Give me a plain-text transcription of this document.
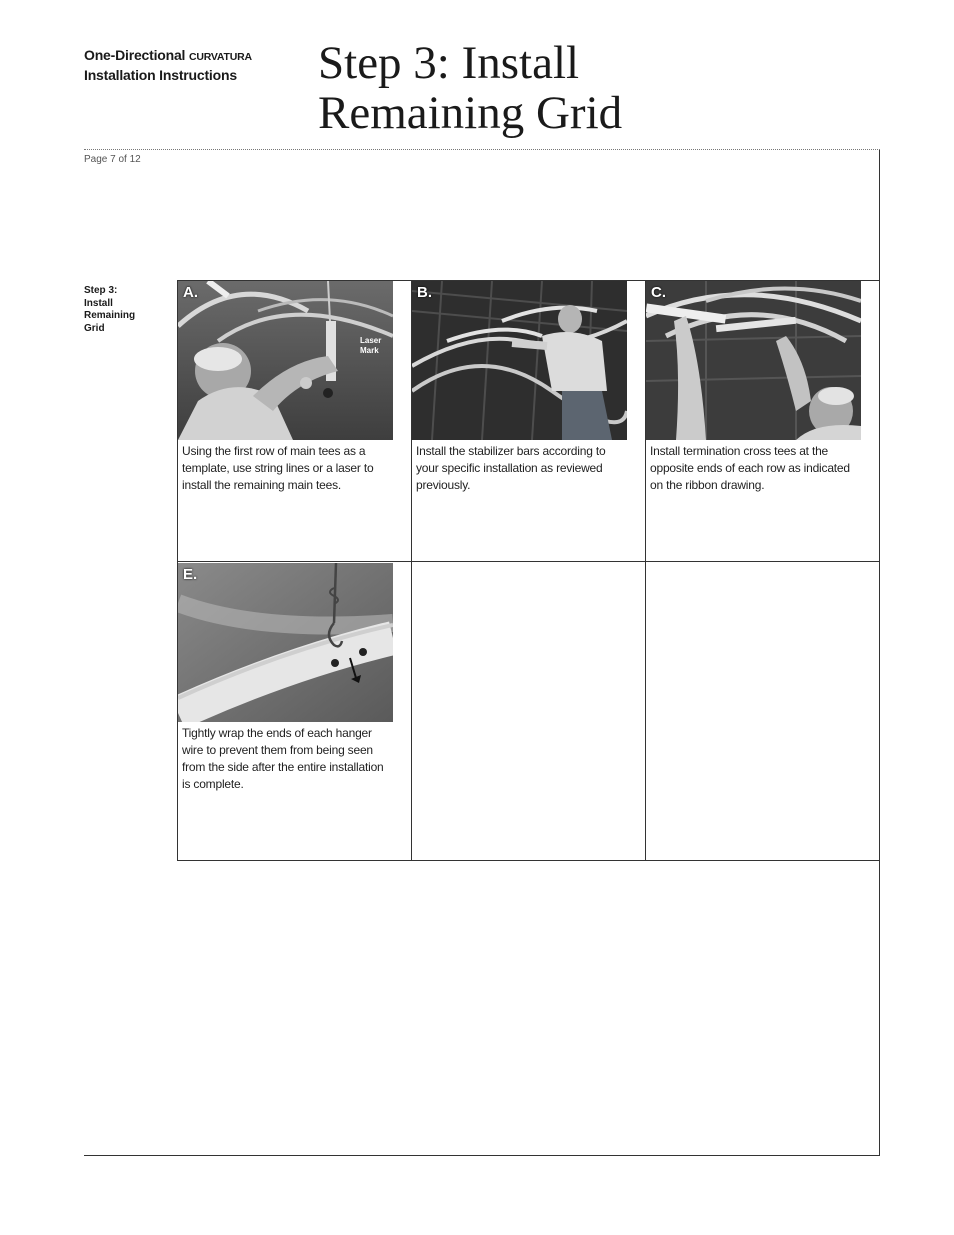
One-Directional CURVATURA
Installation Instructions	Step 3: Install
Remaining Grid
Page 7 of 12
Step 3:
Install
Remaining
Grid
A.
Laser
Mark
Using the first row of main tees as a template, use string lines or a laser to install the remaining main tees.
B.
Install the stabilizer bars according to your specific installation as reviewed previously.
C.
Install termination cross tees at the opposite ends of each row as indicated on the ribbon drawing.
E.
Tightly wrap the ends of each hanger wire to prevent them from being seen from the side after the entire installation is complete.
